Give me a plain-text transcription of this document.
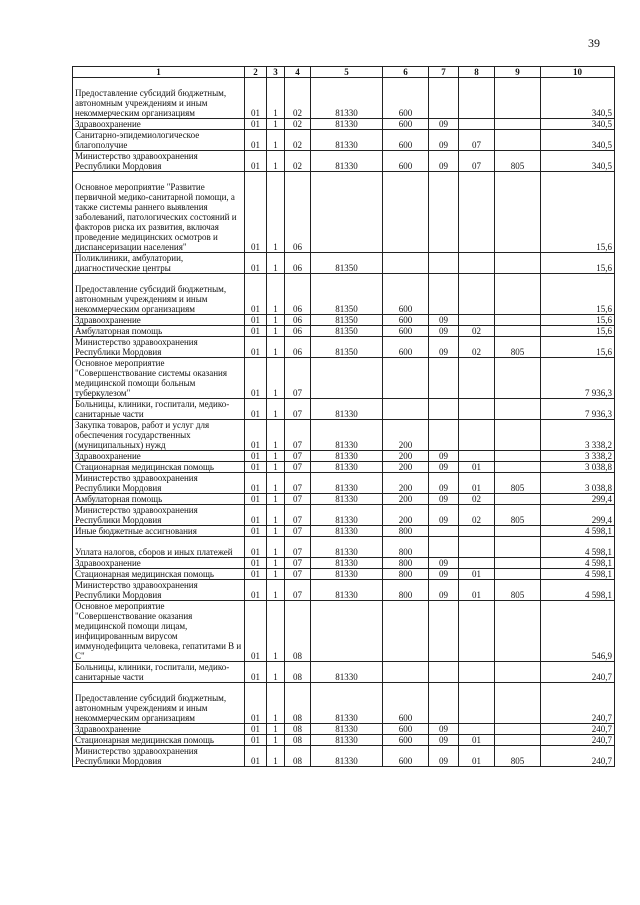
39
1	2	3	4	5	6	7	8	9	10
Предоставление субсидий бюджетным, автономным учреждениям и иным некоммерческим организациям	01	1	02	81330	600				340,5
Здравоохранение	01	1	02	81330	600	09			340,5
Санитарно-эпидемиологическое благополучие	01	1	02	81330	600	09	07		340,5
Министерство здравоохранения Республики Мордовия	01	1	02	81330	600	09	07	805	340,5
Основное мероприятие "Развитие первичной медико-санитарной помощи, а также системы раннего выявления заболеваний, патологических состояний и факторов риска их развития, включая проведение медицинских осмотров и диспансеризации населения"	01	1	06						15,6
Поликлиники, амбулатории, диагностические центры	01	1	06	81350					15,6
Предоставление субсидий бюджетным, автономным учреждениям и иным некоммерческим организациям	01	1	06	81350	600				15,6
Здравоохранение	01	1	06	81350	600	09			15,6
Амбулаторная помощь	01	1	06	81350	600	09	02		15,6
Министерство здравоохранения Республики Мордовия	01	1	06	81350	600	09	02	805	15,6
Основное мероприятие "Совершенствование системы оказания медицинской помощи больным туберкулезом"	01	1	07						7 936,3
Больницы, клиники, госпитали, медико-санитарные части	01	1	07	81330					7 936,3
Закупка товаров, работ и услуг для обеспечения государственных (муниципальных) нужд	01	1	07	81330	200				3 338,2
Здравоохранение	01	1	07	81330	200	09			3 338,2
Стационарная медицинская помощь	01	1	07	81330	200	09	01		3 038,8
Министерство здравоохранения Республики Мордовия	01	1	07	81330	200	09	01	805	3 038,8
Амбулаторная помощь	01	1	07	81330	200	09	02		299,4
Министерство здравоохранения Республики Мордовия	01	1	07	81330	200	09	02	805	299,4
Иные бюджетные ассигнования	01	1	07	81330	800				4 598,1
Уплата налогов, сборов и иных платежей	01	1	07	81330	800				4 598,1
Здравоохранение	01	1	07	81330	800	09			4 598,1
Стационарная медицинская помощь	01	1	07	81330	800	09	01		4 598,1
Министерство здравоохранения Республики Мордовия	01	1	07	81330	800	09	01	805	4 598,1
Основное мероприятие "Совершенствование оказания медицинской помощи лицам, инфицированным вирусом иммунодефицита человека, гепатитами В и С"	01	1	08						546,9
Больницы, клиники, госпитали, медико-санитарные части	01	1	08	81330					240,7
Предоставление субсидий бюджетным, автономным учреждениям и иным некоммерческим организациям	01	1	08	81330	600				240,7
Здравоохранение	01	1	08	81330	600	09			240,7
Стационарная медицинская помощь	01	1	08	81330	600	09	01		240,7
Министерство здравоохранения Республики Мордовия	01	1	08	81330	600	09	01	805	240,7
